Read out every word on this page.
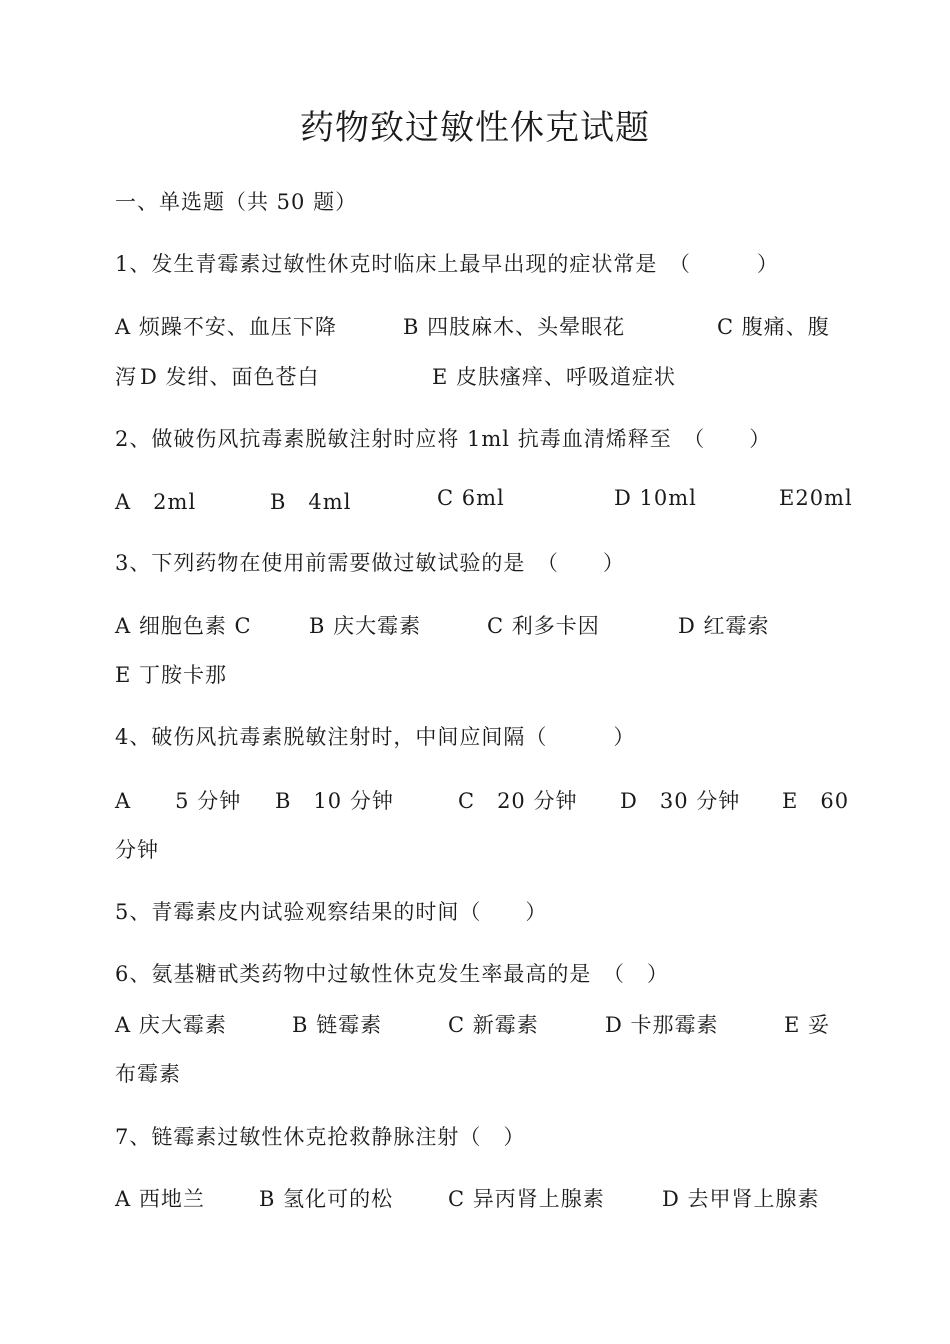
药物致过敏性休克试题
一、单选题（共 50 题）
1、发生青霉素过敏性休克时临床上最早出现的症状常是　（　　　）
A 烦躁不安、血压下降	B 四肢麻木、头晕眼花	C 腹痛、腹
泻 D 发绀、面色苍白	E 皮肤瘙痒、呼吸道症状
2、做破伤风抗毒素脱敏注射时应将 1ml 抗毒血清烯释至　（　　）
A　2ml	B　4ml	C 6ml	D 10ml	E20ml
3、下列药物在使用前需要做过敏试验的是　（　　）
A 细胞色素 C	B 庆大霉素	C 利多卡因	D 红霉索
E 丁胺卡那
4、破伤风抗毒素脱敏注射时，中间应间隔（　　　）
A　　5 分钟 B　10 分钟	C　20 分钟 D　30 分钟 E　60
分钟
5、青霉素皮内试验观察结果的时间（　　）
6、氨基糖甙类药物中过敏性休克发生率最高的是　（　）
A 庆大霉素	B 链霉素	C 新霉素	D 卡那霉素	E 妥
布霉素
7、链霉素过敏性休克抢救静脉注射（　）
A 西地兰	B 氢化可的松	C 异丙肾上腺素	D 去甲肾上腺素
